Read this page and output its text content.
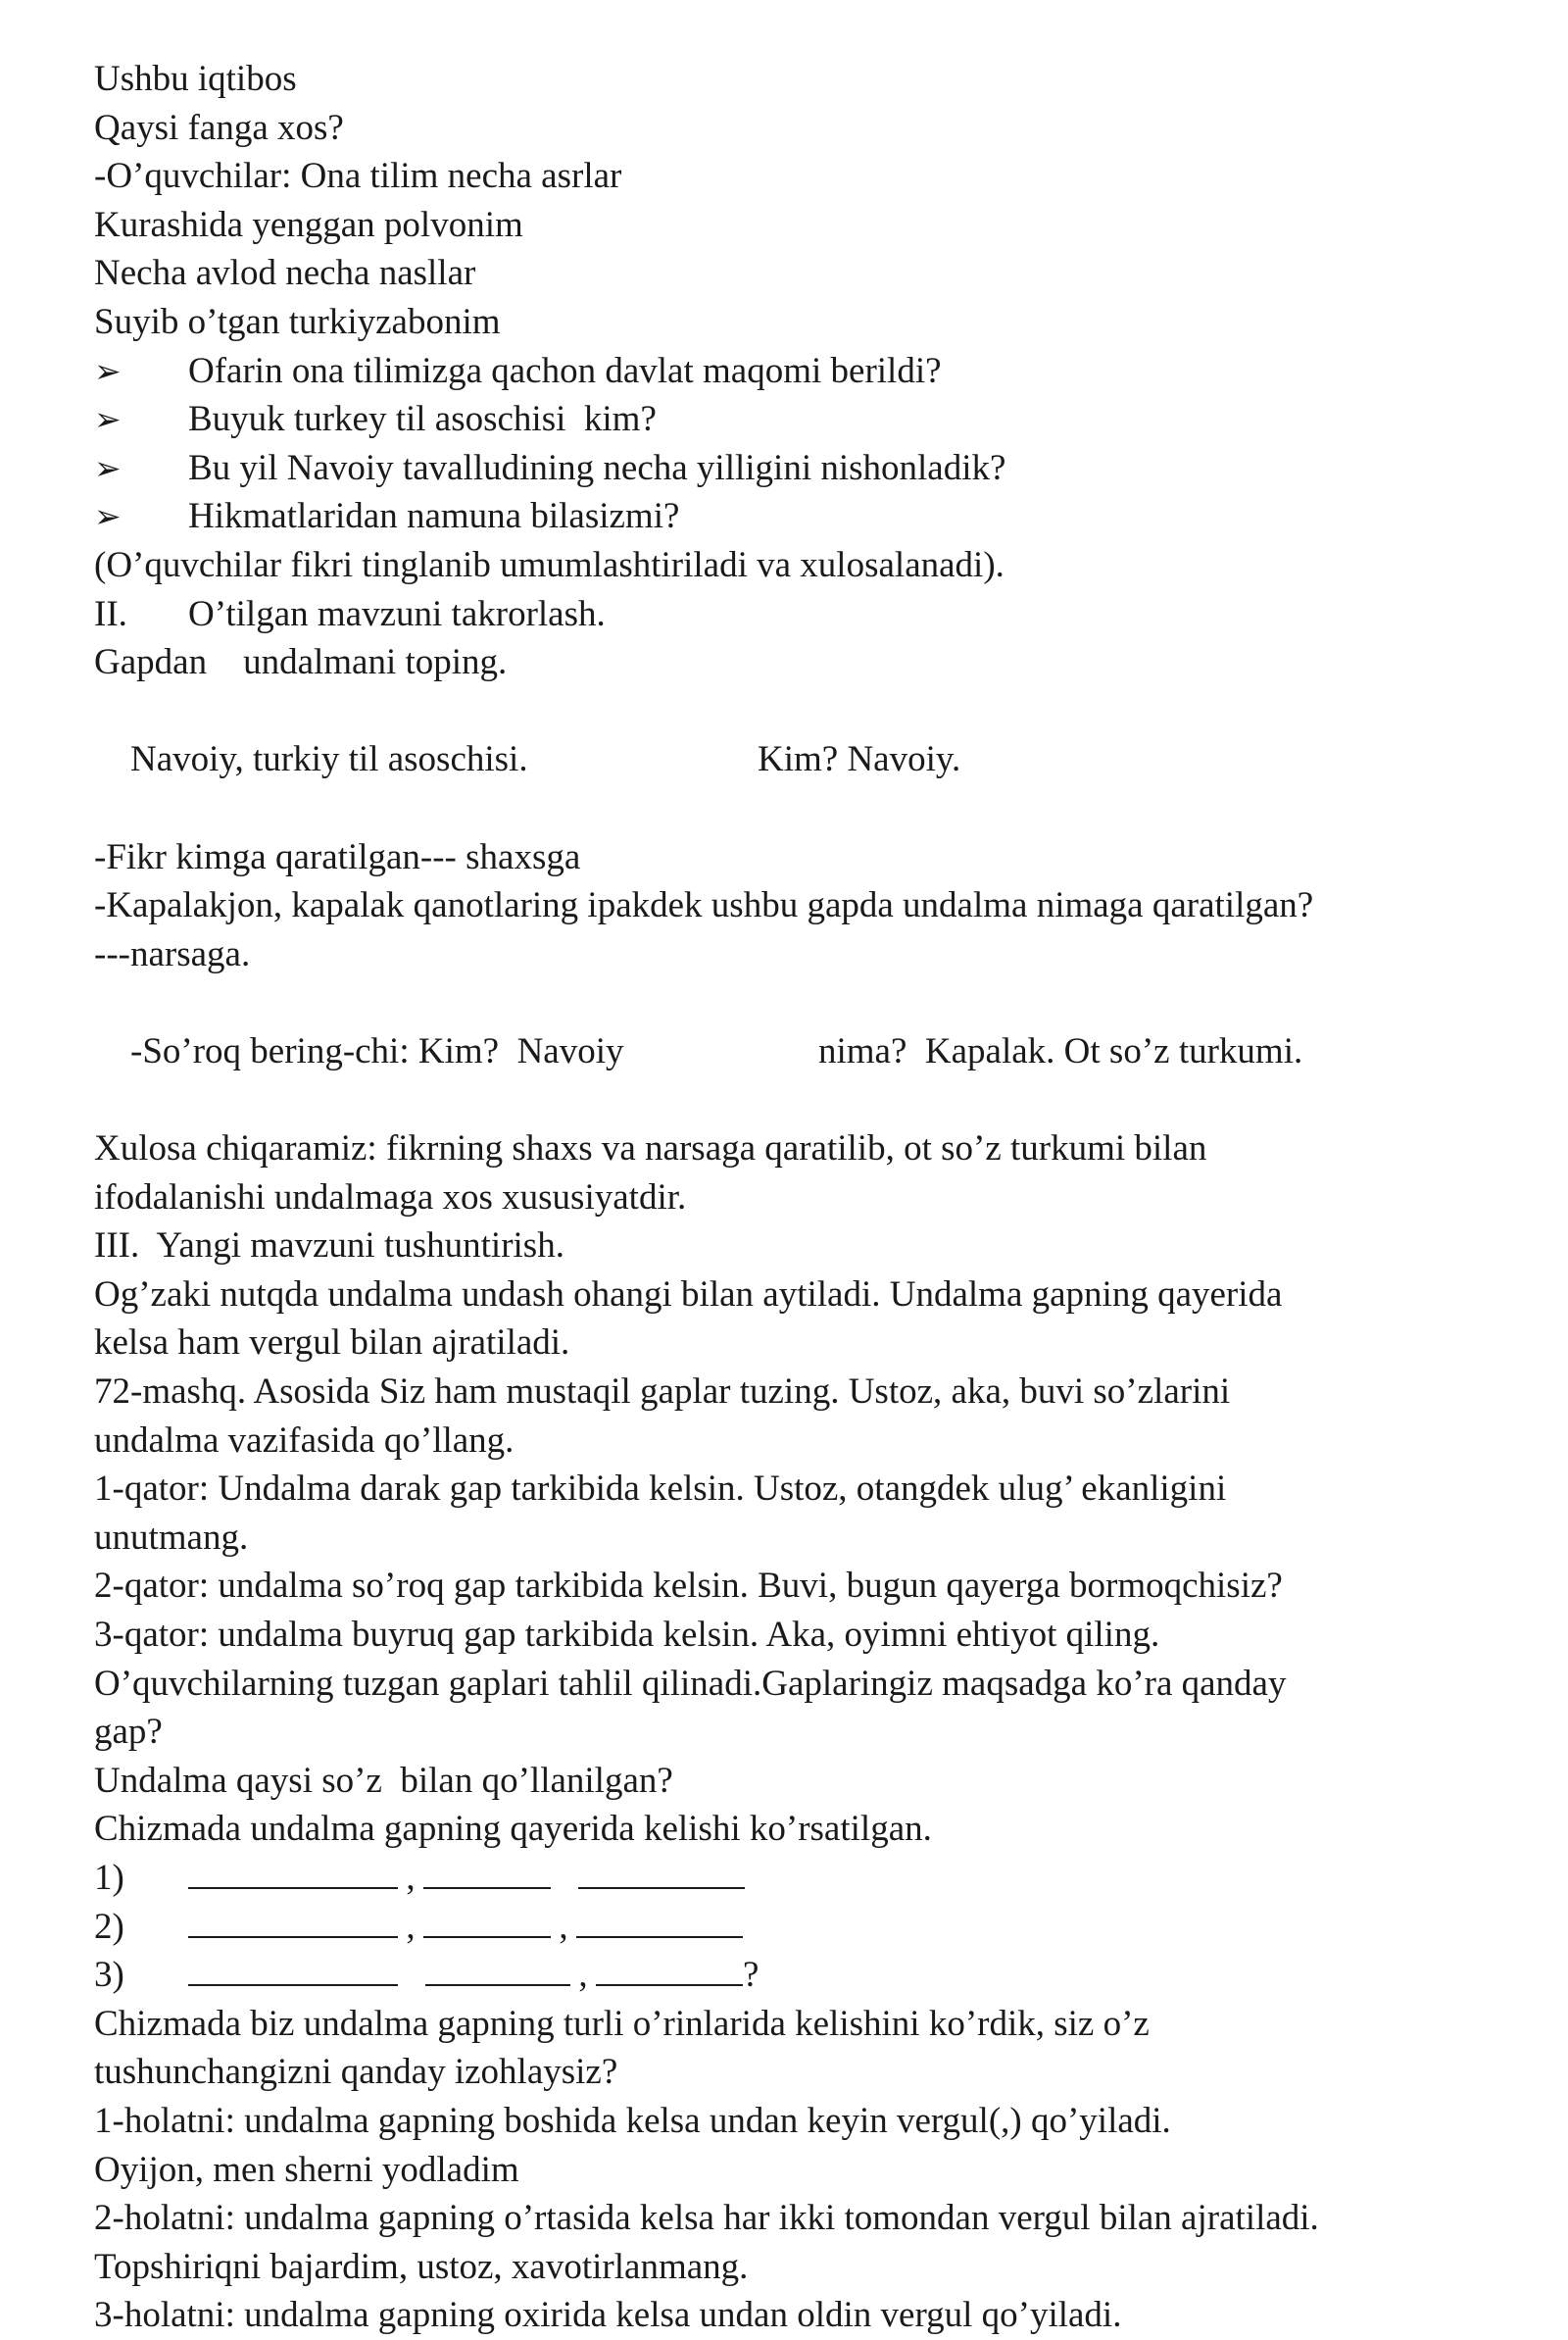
Ushbu iqtibos
Qaysi fanga xos?
-O’quvchilar: Ona tilim necha asrlar
Kurashida yenggan polvonim
Necha avlod necha nasllar
Suyib o’tgan turkiyzabonim
➢	Ofarin ona tilimizga qachon davlat maqomi berildi?
➢	Buyuk turkey til asoschisi  kim?
➢	Bu yil Navoiy tavalludining necha yilligini nishonladik?
➢	Hikmatlaridan namuna bilasizmi?
(O’quvchilar fikri tinglanib umumlashtiriladi va xulosalanadi).
II.	O’tilgan mavzuni takrorlash.
Gapdan    undalmani toping.

Navoiy, turkiy til asoschisi.	Kim? Navoiy.

-Fikr kimga qaratilgan--- shaxsga
-Kapalakjon, kapalak qanotlaring ipakdek ushbu gapda undalma nimaga qaratilgan?
---narsaga.

-So’roq bering-chi: Kim?  Navoiy	nima?  Kapalak. Ot so’z turkumi.

Xulosa chiqaramiz: fikrning shaxs va narsaga qaratilib, ot so’z turkumi bilan
ifodalanishi undalmaga xos xususiyatdir.
III.  Yangi mavzuni tushuntirish.
Og’zaki nutqda undalma undash ohangi bilan aytiladi. Undalma gapning qayerida
kelsa ham vergul bilan ajratiladi.
72-mashq. Asosida Siz ham mustaqil gaplar tuzing. Ustoz, aka, buvi so’zlarini
undalma vazifasida qo’llang.
1-qator: Undalma darak gap tarkibida kelsin. Ustoz, otangdek ulug’ ekanligini
unutmang.
2-qator: undalma so’roq gap tarkibida kelsin. Buvi, bugun qayerga bormoqchisiz?
3-qator: undalma buyruq gap tarkibida kelsin. Aka, oyimni ehtiyot qiling.
O’quvchilarning tuzgan gaplari tahlil qilinadi.Gaplaringiz maqsadga ko’ra qanday
gap?
Undalma qaysi so’z  bilan qo’llanilgan?
Chizmada undalma gapning qayerida kelishi ko’rsatilgan.
1)	,
2)	,	,
3)	,	?
Chizmada biz undalma gapning turli o’rinlarida kelishini ko’rdik, siz o’z
tushunchangizni qanday izohlaysiz?
1-holatni: undalma gapning boshida kelsa undan keyin vergul(,) qo’yiladi.
Oyijon, men sherni yodladim
2-holatni: undalma gapning o’rtasida kelsa har ikki tomondan vergul bilan ajratiladi.
Topshiriqni bajardim, ustoz, xavotirlanmang.
3-holatni: undalma gapning oxirida kelsa undan oldin vergul qo’yiladi.
